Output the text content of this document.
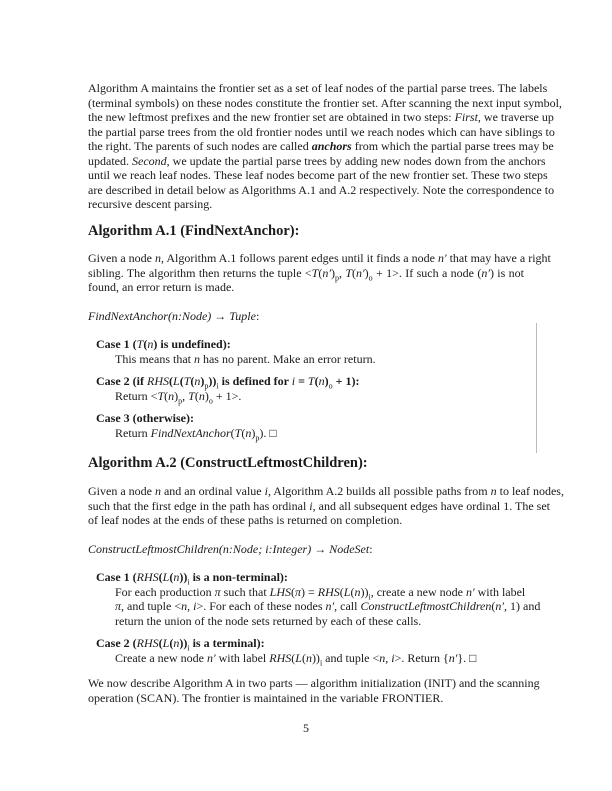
Algorithm A maintains the frontier set as a set of leaf nodes of the partial parse trees. The labels
(terminal symbols) on these nodes constitute the frontier set. After scanning the next input symbol,
the new leftmost prefixes and the new frontier set are obtained in two steps: First, we traverse up
the partial parse trees from the old frontier nodes until we reach nodes which can have siblings to
the right. The parents of such nodes are called anchors from which the partial parse trees may be
updated. Second, we update the partial parse trees by adding new nodes down from the anchors
until we reach leaf nodes. These leaf nodes become part of the new frontier set. These two steps
are described in detail below as Algorithms A.1 and A.2 respectively. Note the correspondence to
recursive descent parsing.
Algorithm A.1 (FindNextAnchor):
Given a node n, Algorithm A.1 follows parent edges until it finds a node n′ that may have a right
sibling. The algorithm then returns the tuple $<T(n')_p$, $T(n')_o + 1>$. If such a node (n′) is not
found, an error return is made.
FindNextAnchor(n:Node) → Tuple:
Case 1 (T(n) is undefined):
This means that n has no parent. Make an error return.
Case 2 (if $RHS(L(T(n)_p))_i$ is defined for $i = T(n)_o + 1$):
Return $<T(n)_p$, $T(n)_o + 1>$.
Case 3 (otherwise):
Return $FindNextAnchor(T(n)_p)$. □
Algorithm A.2 (ConstructLeftmostChildren):
Given a node n and an ordinal value i, Algorithm A.2 builds all possible paths from n to leaf nodes,
such that the first edge in the path has ordinal i, and all subsequent edges have ordinal 1. The set
of leaf nodes at the ends of these paths is returned on completion.
ConstructLeftmostChildren(n:Node; i:Integer) → NodeSet:
Case 1 ($RHS(L(n))_i$ is a non-terminal):
For each production π such that $LHS(\pi) = RHS(L(n))_i$, create a new node n′ with label
π, and tuple <n, i>. For each of these nodes n′, call ConstructLeftmostChildren(n′, 1) and
return the union of the node sets returned by each of these calls.
Case 2 ($RHS(L(n))_i$ is a terminal):
Create a new node n′ with label $RHS(L(n))_i$ and tuple <n, i>. Return {n′}. □
We now describe Algorithm A in two parts — algorithm initialization (INIT) and the scanning
operation (SCAN). The frontier is maintained in the variable FRONTIER.
5
